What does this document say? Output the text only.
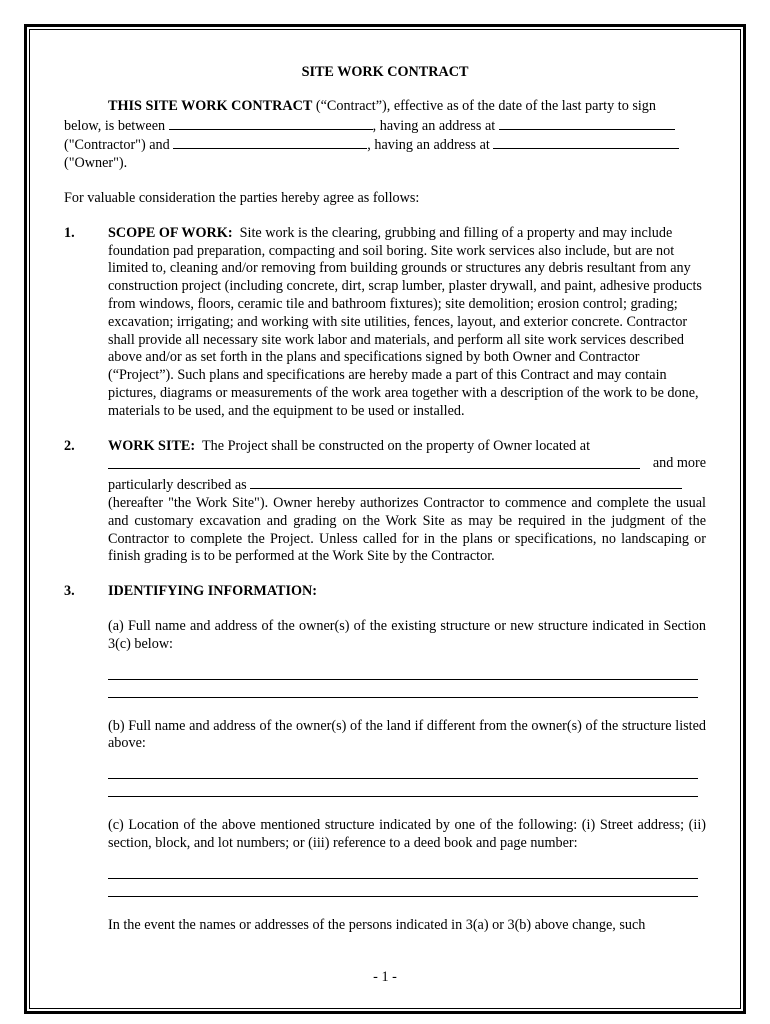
SITE WORK CONTRACT

THIS SITE WORK CONTRACT (“Contract”), effective as of the date of the last party to sign

below, is between	, having an address at

("Contractor") and	, having an address at

("Owner").

For valuable consideration the parties hereby agree as follows:

1. SCOPE OF WORK: Site work is the clearing, grubbing and filling of a property and may include foundation pad preparation, compacting and soil boring. Site work services also include, but are not limited to, cleaning and/or removing from building grounds or structures any debris resultant from any construction project (including concrete, dirt, scrap lumber, plaster drywall, and paint, adhesive products from windows, floors, ceramic tile and bathroom fixtures); site demolition; erosion control; grading; excavation; irrigating; and working with site utilities, fences, layout, and exterior concrete. Contractor shall provide all necessary site work labor and materials, and perform all site work services described above and/or as set forth in the plans and specifications signed by both Owner and Contractor (“Project”). Such plans and specifications are hereby made a part of this Contract and may contain pictures, diagrams or measurements of the work area together with a description of the work to be done, materials to be used, and the equipment to be used or installed.

2. WORK SITE: The Project shall be constructed on the property of Owner located at

and more

particularly described as

(hereafter "the Work Site"). Owner hereby authorizes Contractor to commence and complete the usual and customary excavation and grading on the Work Site as may be required in the judgment of the Contractor to complete the Project. Unless called for in the plans or specifications, no landscaping or finish grading is to be performed at the Work Site by the Contractor.

3. IDENTIFYING INFORMATION:

(a) Full name and address of the owner(s) of the existing structure or new structure indicated in Section 3(c) below:

(b) Full name and address of the owner(s) of the land if different from the owner(s) of the structure listed above:

(c) Location of the above mentioned structure indicated by one of the following: (i) Street address; (ii) section, block, and lot numbers; or (iii) reference to a deed book and page number:

In the event the names or addresses of the persons indicated in 3(a) or 3(b) above change, such

- 1 -
